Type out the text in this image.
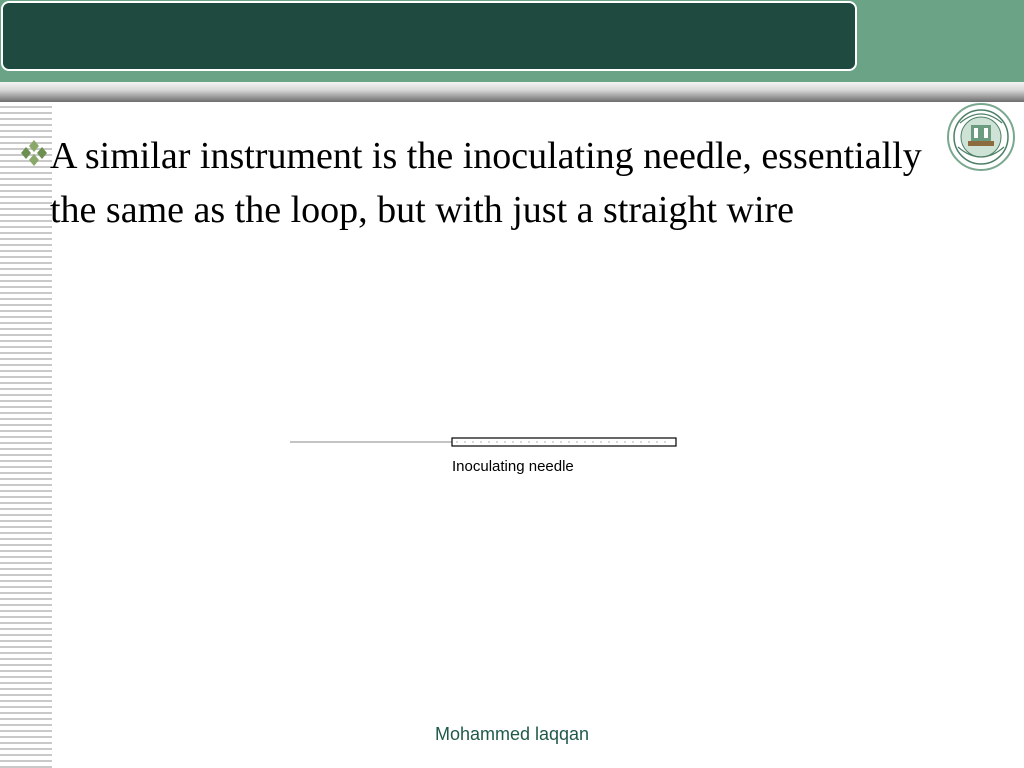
A similar instrument is the inoculating needle, essentially the same as the loop, but with just a straight wire
Inoculating needle
Mohammed laqqan
